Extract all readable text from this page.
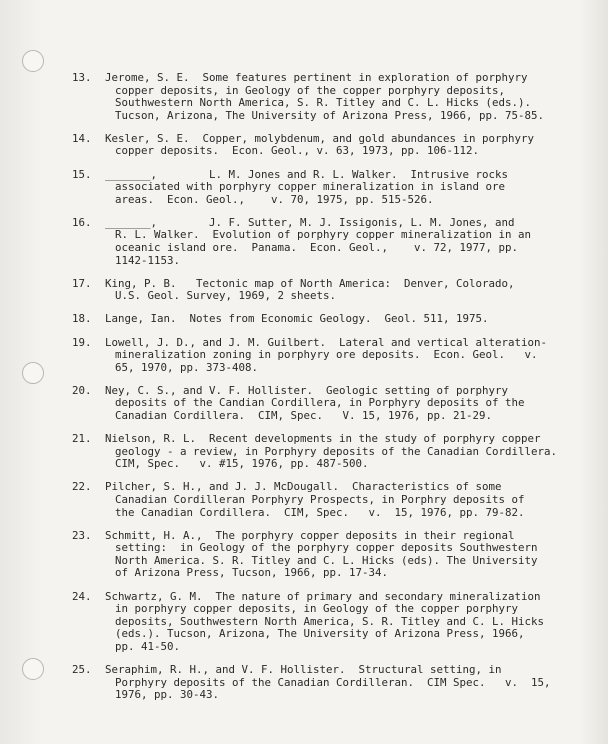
13.	Jerome, S. E.  Some features pertinent in exploration of porphyry
copper deposits, in Geology of the copper porphyry deposits,
Southwestern North America, S. R. Titley and C. L. Hicks (eds.).
Tucson, Arizona, The University of Arizona Press, 1966, pp. 75-85.
14.	Kesler, S. E.  Copper, molybdenum, and gold abundances in porphyry
copper deposits.  Econ. Geol., v. 63, 1973, pp. 106-112.
15.	_______,        L. M. Jones and R. L. Walker.  Intrusive rocks
associated with porphyry copper mineralization in island ore
areas.  Econ. Geol.,    v. 70, 1975, pp. 515-526.
16.	_______,        J. F. Sutter, M. J. Issigonis, L. M. Jones, and
R. L. Walker.  Evolution of porphyry copper mineralization in an
oceanic island ore.  Panama.  Econ. Geol.,    v. 72, 1977, pp.
1142-1153.
17.	King, P. B.   Tectonic map of North America:  Denver, Colorado,
U.S. Geol. Survey, 1969, 2 sheets.
18.	Lange, Ian.  Notes from Economic Geology.  Geol. 511, 1975.
19.	Lowell, J. D., and J. M. Guilbert.  Lateral and vertical alteration-
mineralization zoning in porphyry ore deposits.  Econ. Geol.   v.
65, 1970, pp. 373-408.
20.	Ney, C. S., and V. F. Hollister.  Geologic setting of porphyry
deposits of the Candian Cordillera, in Porphyry deposits of the
Canadian Cordillera.  CIM, Spec.   V. 15, 1976, pp. 21-29.
21.	Nielson, R. L.  Recent developments in the study of porphyry copper
geology - a review, in Porphyry deposits of the Canadian Cordillera.
CIM, Spec.   v. #15, 1976, pp. 487-500.
22.	Pilcher, S. H., and J. J. McDougall.  Characteristics of some
Canadian Cordilleran Porphyry Prospects, in Porphry deposits of
the Canadian Cordillera.  CIM, Spec.   v.  15, 1976, pp. 79-82.
23.	Schmitt, H. A.,  The porphyry copper deposits in their regional
setting:  in Geology of the porphyry copper deposits Southwestern
North America. S. R. Titley and C. L. Hicks (eds). The University
of Arizona Press, Tucson, 1966, pp. 17-34.
24.	Schwartz, G. M.  The nature of primary and secondary mineralization
in porphyry copper deposits, in Geology of the copper porphyry
deposits, Southwestern North America, S. R. Titley and C. L. Hicks
(eds.). Tucson, Arizona, The University of Arizona Press, 1966,
pp. 41-50.
25.	Seraphim, R. H., and V. F. Hollister.  Structural setting, in
Porphyry deposits of the Canadian Cordilleran.  CIM Spec.   v.  15,
1976, pp. 30-43.
